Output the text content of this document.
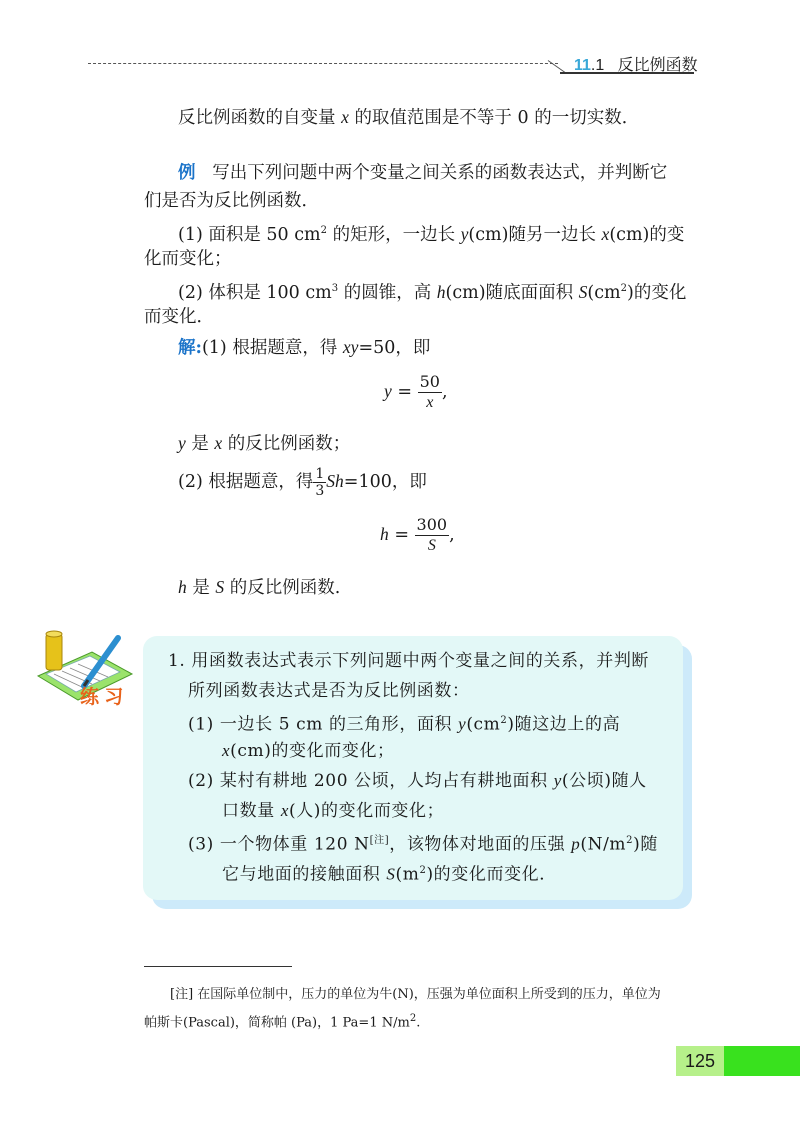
11.1 反比例函数
反比例函数的自变量 x 的取值范围是不等于 0 的一切实数．
例 写出下列问题中两个变量之间关系的函数表达式，并判断它
们是否为反比例函数．
(1) 面积是 50 $cm^2$ 的矩形，一边长 y(cm)随另一边长 x(cm)的变
化而变化；
(2) 体积是 100 $cm^3$ 的圆锥，高 h(cm)随底面面积 $S(cm^2)$的变化
而变化．
解:(1) 根据题意，得 xy=50，即
$y = \frac{50}{x}$ ,
y 是 x 的反比例函数；
(2) 根据题意，得 $\frac{1}{3} Sh=100$，即
$h = \frac{300}{S}$ ,
h 是 S 的反比例函数.
练 习
1. 用函数表达式表示下列问题中两个变量之间的关系，并判断
所列函数表达式是否为反比例函数：
(1) 一边长 5 cm 的三角形，面积 $y(cm^2)$随这边上的高
x(cm)的变化而变化；
(2) 某村有耕地 200 公顷，人均占有耕地面积 y(公顷)随人
口数量 x(人)的变化而变化；
(3) 一个物体重 120 N[注]，该物体对地面的压强 $p(N/m^2)$随
它与地面的接触面积 $S(m^2)$的变化而变化．
[注] 在国际单位制中，压力的单位为牛(N)，压强为单位面积上所受到的压力，单位为
帕斯卡(Pascal)，简称帕 (Pa)，1 Pa=1 $N/m^2$.
125
